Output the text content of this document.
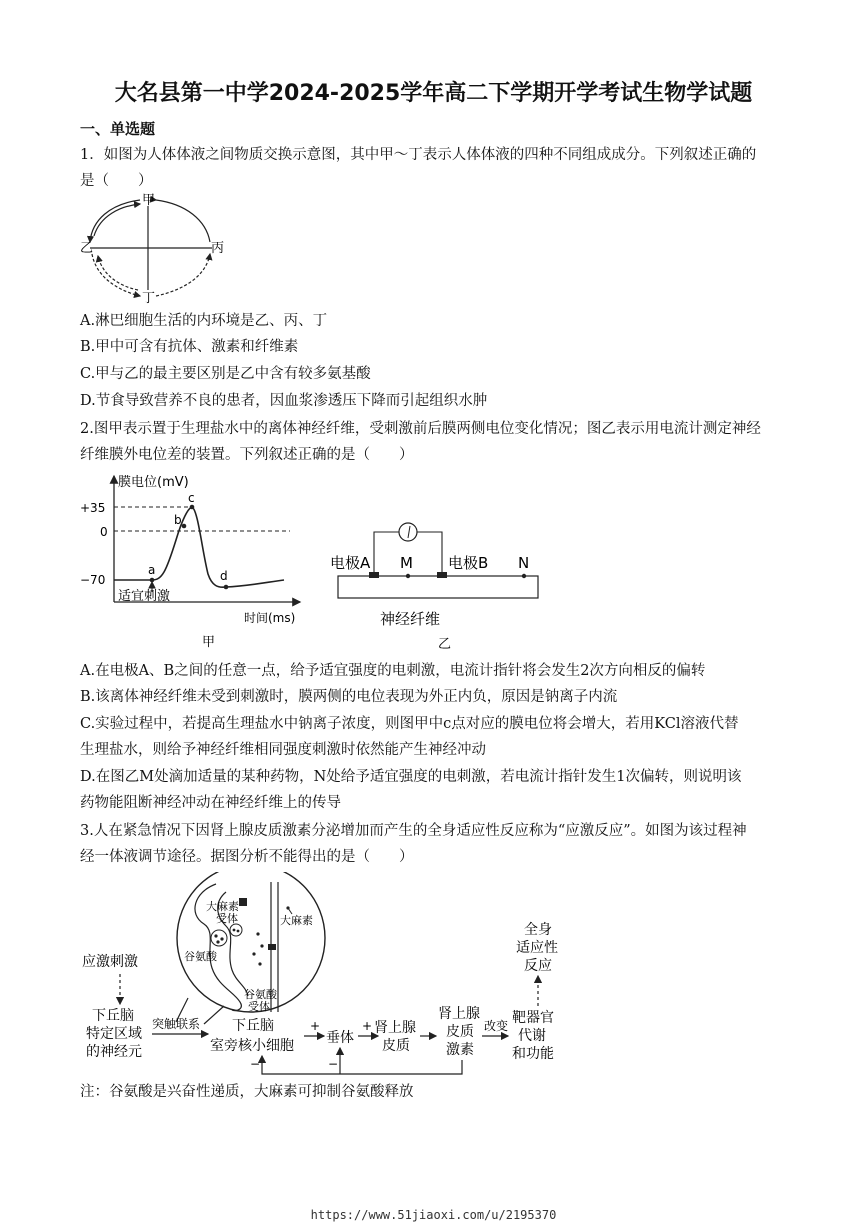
大名县第一中学2024-2025学年高二下学期开学考试生物学试题
一、单选题
1．如图为人体体液之间物质交换示意图，其中甲～丁表示人体体液的四种不同组成成分。下列叙述正确的
是（　　）
甲
乙	丙
丁
A.淋巴细胞生活的内环境是乙、丙、丁
B.甲中可含有抗体、激素和纤维素
C.甲与乙的最主要区别是乙中含有较多氨基酸
D.节食导致营养不良的患者，因血浆渗透压下降而引起组织水肿
2.图甲表示置于生理盐水中的离体神经纤维，受刺激前后膜两侧电位变化情况；图乙表示用电流计测定神经
纤维膜外电位差的装置。下列叙述正确的是（　　）
膜电位(mV)
+35
0
−70
a
b
c
d
适宜刺激
时间(ms)
甲
电极A M 电极B N
神经纤维
乙
A.在电极A、B之间的任意一点，给予适宜强度的电刺激，电流计指针将会发生2次方向相反的偏转
B.该离体神经纤维未受到刺激时，膜两侧的电位表现为外正内负，原因是钠离子内流
C.实验过程中，若提高生理盐水中钠离子浓度，则图甲中c点对应的膜电位将会增大，若用KCl溶液代替
生理盐水，则给予神经纤维相同强度刺激时依然能产生神经冲动
D.在图乙M处滴加适量的某种药物，N处给予适宜强度的电刺激，若电流计指针发生1次偏转，则说明该
药物能阻断神经冲动在神经纤维上的传导
3.人在紧急情况下因肾上腺皮质激素分泌增加而产生的全身适应性反应称为“应激反应”。如图为该过程神
经一体液调节途径。据图分析不能得出的是（　　）
大麻素
受体	大麻素
谷氨酸
谷氨酸
受体
应激刺激
下丘脑
特定区域
的神经元
突触联系 下丘脑
室旁核小细胞
+
垂体
+ 肾上腺
皮质
肾上腺
皮质
激素
改变 靶器官
代谢
和功能
全身
适应性
反应
−	−
注：谷氨酸是兴奋性递质，大麻素可抑制谷氨酸释放
https://www.51jiaoxi.com/u/2195370
